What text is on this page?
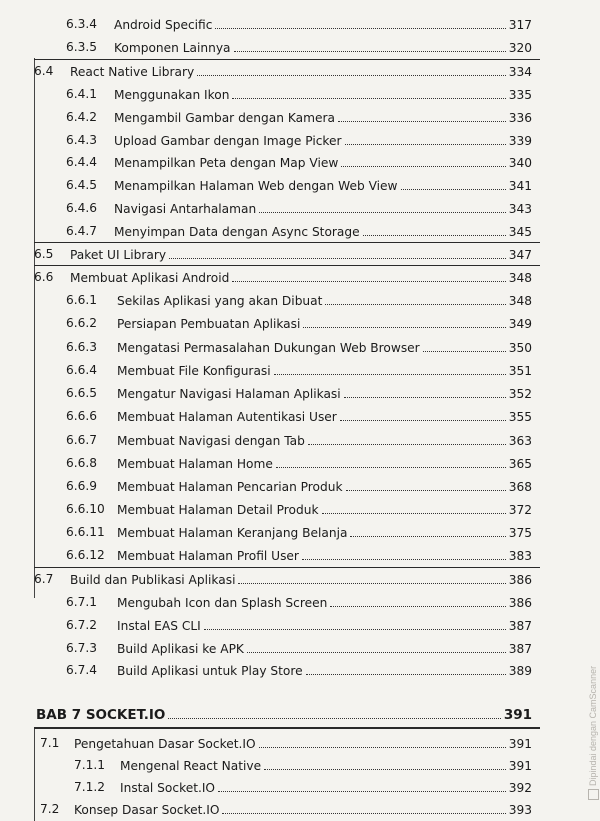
6.3.4 Android Specific	317
6.3.5 Komponen Lainnya	320
6.4 React Native Library	334
6.4.1 Menggunakan Ikon	335
6.4.2 Mengambil Gambar dengan Kamera	336
6.4.3 Upload Gambar dengan Image Picker	339
6.4.4 Menampilkan Peta dengan Map View	340
6.4.5 Menampilkan Halaman Web dengan Web View	341
6.4.6 Navigasi Antarhalaman	343
6.4.7 Menyimpan Data dengan Async Storage	345
6.5 Paket UI Library	347
6.6 Membuat Aplikasi Android	348
6.6.1 Sekilas Aplikasi yang akan Dibuat	348
6.6.2 Persiapan Pembuatan Aplikasi	349
6.6.3 Mengatasi Permasalahan Dukungan Web Browser	350
6.6.4 Membuat File Konfigurasi	351
6.6.5 Mengatur Navigasi Halaman Aplikasi	352
6.6.6 Membuat Halaman Autentikasi User	355
6.6.7 Membuat Navigasi dengan Tab	363
6.6.8 Membuat Halaman Home	365
6.6.9 Membuat Halaman Pencarian Produk	368
6.6.10 Membuat Halaman Detail Produk	372
6.6.11 Membuat Halaman Keranjang Belanja	375
6.6.12 Membuat Halaman Profil User	383
6.7 Build dan Publikasi Aplikasi	386
6.7.1 Mengubah Icon dan Splash Screen	386
6.7.2 Instal EAS CLI	387
6.7.3 Build Aplikasi ke APK	387
6.7.4 Build Aplikasi untuk Play Store	389
BAB 7 SOCKET.IO	391
7.1 Pengetahuan Dasar Socket.IO	391
7.1.1 Mengenal React Native	391
7.1.2 Instal Socket.IO	392
7.2 Konsep Dasar Socket.IO	393
Dipindai dengan CamScanner
